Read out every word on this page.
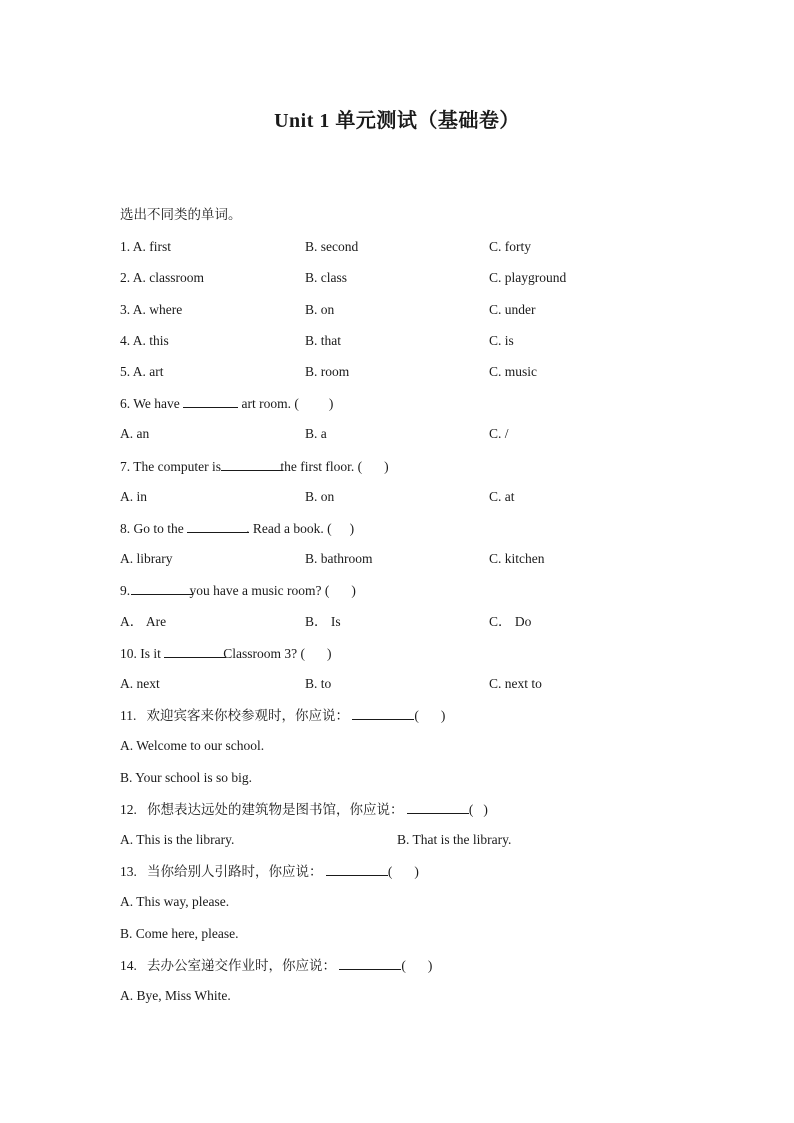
Unit 1 单元测试（基础卷）
选出不同类的单词。
1. A. first	B. second	C. forty
2. A. classroom	B. class	C. playground
3. A. where	B. on	C. under
4. A. this	B. that	C. is
5. A. art	B. room	C. music
6. We have	art room. ( )
A. an	B. a	C. /
7. The computer is	the first floor. ( )
A. in	B. on	C. at
8. Go to the	. Read a book. ( )
A. library	B. bathroom	C. kitchen
9.	you have a music room? ( )
A． Are	B． Is	C． Do
10. Is it	Classroom 3? ( )
A. next	B. to	C. next to
11.   欢迎宾客来你校参观时，你应说：	( )
A. Welcome to our school.
B. Your school is so big.
12.   你想表达远处的建筑物是图书馆，你应说：	( )
A. This is the library.	B. That is the library.
13.   当你给别人引路时，你应说：	( )
A. This way, please.
B. Come here, please.
14.   去办公室递交作业时，你应说：	( )
A. Bye, Miss White.
